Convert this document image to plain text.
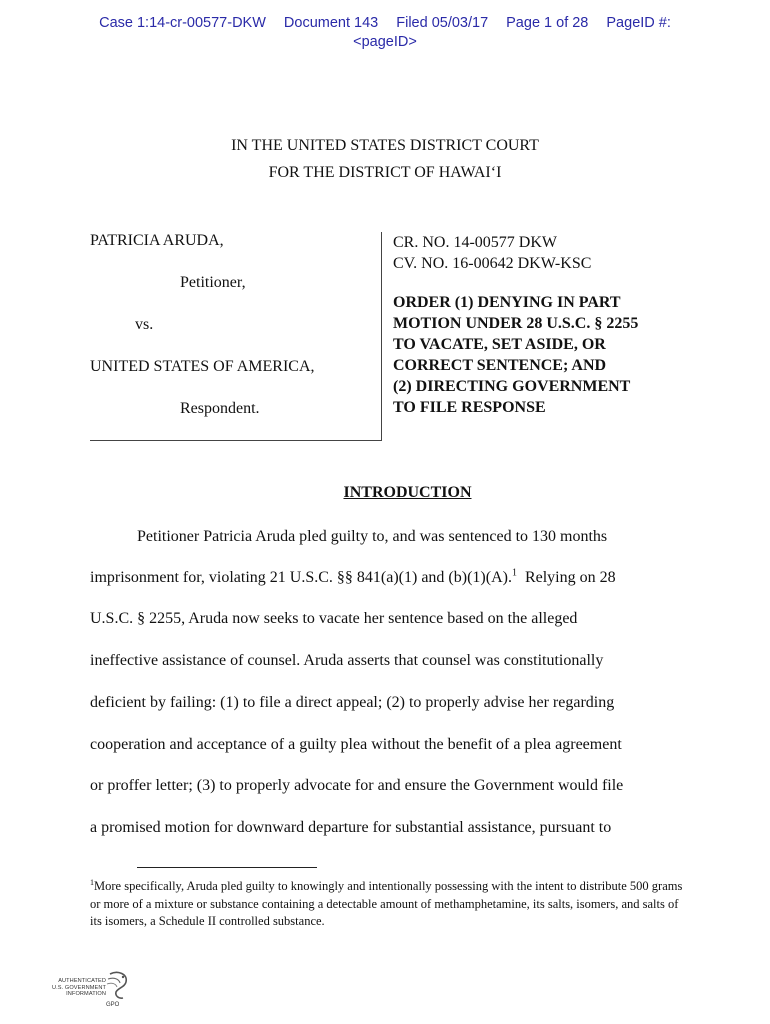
Case 1:14-cr-00577-DKW Document 143 Filed 05/03/17 Page 1 of 28 PageID #:
<pageID>
IN THE UNITED STATES DISTRICT COURT
FOR THE DISTRICT OF HAWAI‘I
PATRICIA ARUDA,
Petitioner,
vs.
UNITED STATES OF AMERICA,
Respondent.
CR. NO. 14-00577 DKW
CV. NO. 16-00642 DKW-KSC
ORDER (1) DENYING IN PART
MOTION UNDER 28 U.S.C. § 2255
TO VACATE, SET ASIDE, OR
CORRECT SENTENCE; AND
(2) DIRECTING GOVERNMENT
TO FILE RESPONSE
INTRODUCTION
Petitioner Patricia Aruda pled guilty to, and was sentenced to 130 months
imprisonment for, violating 21 U.S.C. §§ 841(a)(1) and (b)(1)(A).$^1$  Relying on 28
U.S.C. § 2255, Aruda now seeks to vacate her sentence based on the alleged
ineffective assistance of counsel. Aruda asserts that counsel was constitutionally
deficient by failing: (1) to file a direct appeal; (2) to properly advise her regarding
cooperation and acceptance of a guilty plea without the benefit of a plea agreement
or proffer letter; (3) to properly advocate for and ensure the Government would file
a promised motion for downward departure for substantial assistance, pursuant to
$^1$More specifically, Aruda pled guilty to knowingly and intentionally possessing with the intent to distribute 500 grams or more of a mixture or substance containing a detectable amount of methamphetamine, its salts, isomers, and salts of its isomers, a Schedule II controlled substance.
AUTHENTICATED
U.S. GOVERNMENT
INFORMATION
GPO
